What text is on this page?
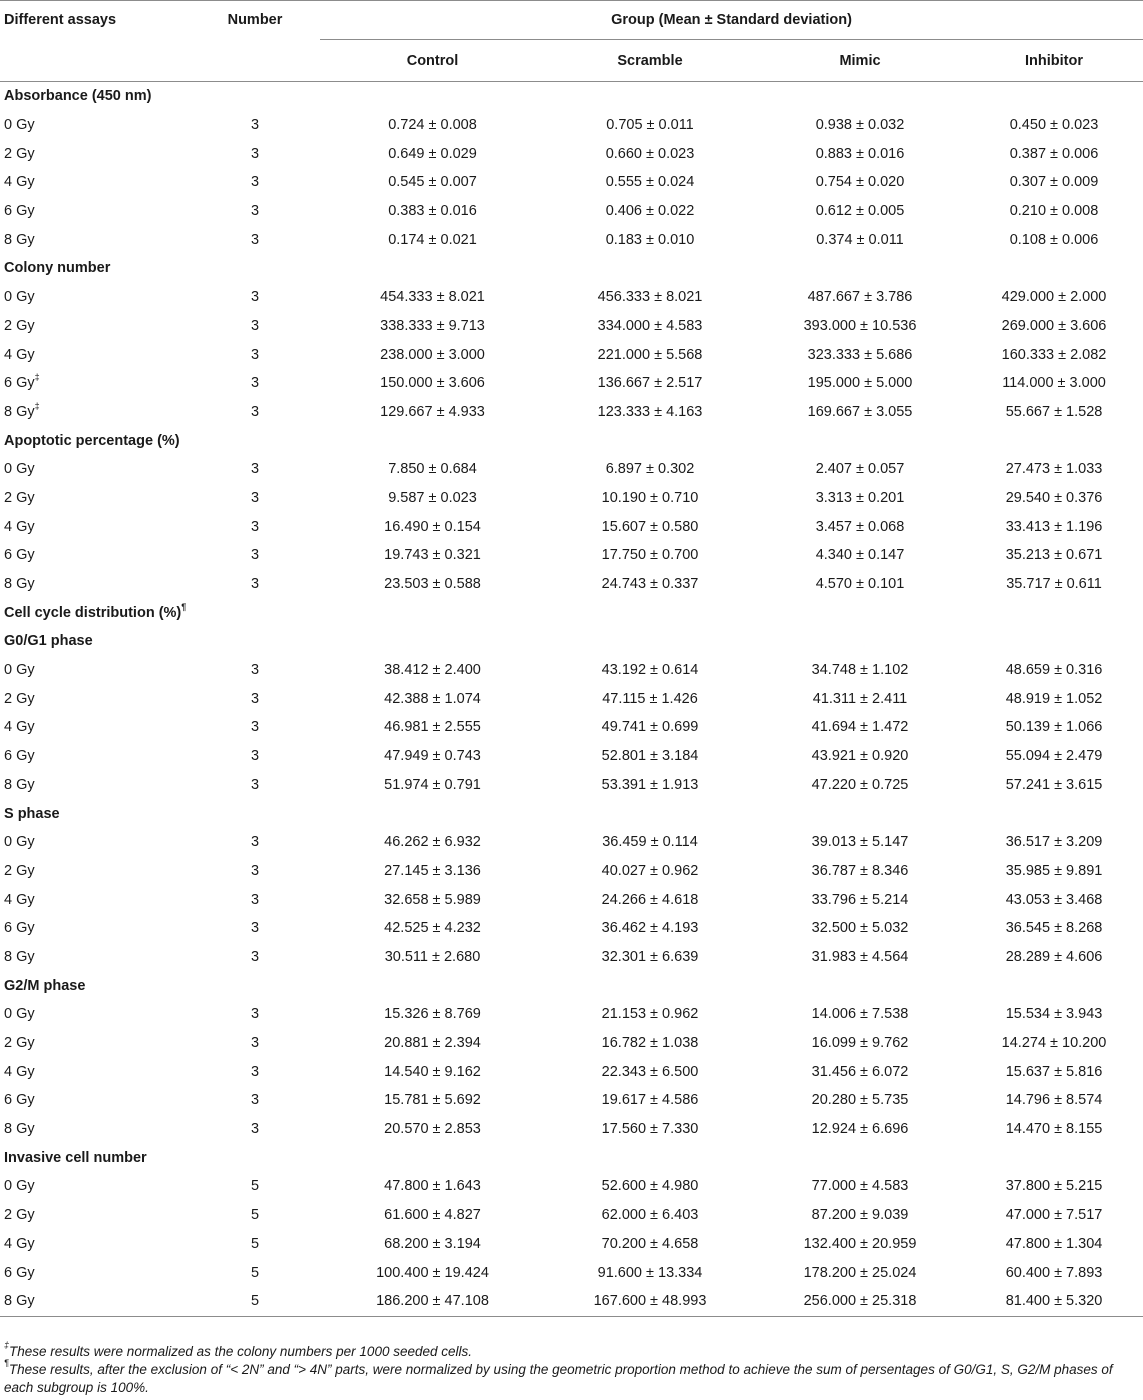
Different assays	Number	Group (Mean ± Standard deviation)			
		Control	Scramble	Mimic	Inhibitor
Absorbance (450 nm)					
0 Gy	3	0.724 ± 0.008	0.705 ± 0.011	0.938 ± 0.032	0.450 ± 0.023
2 Gy	3	0.649 ± 0.029	0.660 ± 0.023	0.883 ± 0.016	0.387 ± 0.006
4 Gy	3	0.545 ± 0.007	0.555 ± 0.024	0.754 ± 0.020	0.307 ± 0.009
6 Gy	3	0.383 ± 0.016	0.406 ± 0.022	0.612 ± 0.005	0.210 ± 0.008
8 Gy	3	0.174 ± 0.021	0.183 ± 0.010	0.374 ± 0.011	0.108 ± 0.006
Colony number					
0 Gy	3	454.333 ± 8.021	456.333 ± 8.021	487.667 ± 3.786	429.000 ± 2.000
2 Gy	3	338.333 ± 9.713	334.000 ± 4.583	393.000 ± 10.536	269.000 ± 3.606
4 Gy	3	238.000 ± 3.000	221.000 ± 5.568	323.333 ± 5.686	160.333 ± 2.082
6 Gy‡	3	150.000 ± 3.606	136.667 ± 2.517	195.000 ± 5.000	114.000 ± 3.000
8 Gy‡	3	129.667 ± 4.933	123.333 ± 4.163	169.667 ± 3.055	55.667 ± 1.528
Apoptotic percentage (%)					
0 Gy	3	7.850 ± 0.684	6.897 ± 0.302	2.407 ± 0.057	27.473 ± 1.033
2 Gy	3	9.587 ± 0.023	10.190 ± 0.710	3.313 ± 0.201	29.540 ± 0.376
4 Gy	3	16.490 ± 0.154	15.607 ± 0.580	3.457 ± 0.068	33.413 ± 1.196
6 Gy	3	19.743 ± 0.321	17.750 ± 0.700	4.340 ± 0.147	35.213 ± 0.671
8 Gy	3	23.503 ± 0.588	24.743 ± 0.337	4.570 ± 0.101	35.717 ± 0.611
Cell cycle distribution (%)¶
G0/G1 phase					
0 Gy	3	38.412 ± 2.400	43.192 ± 0.614	34.748 ± 1.102	48.659 ± 0.316
2 Gy	3	42.388 ± 1.074	47.115 ± 1.426	41.311 ± 2.411	48.919 ± 1.052
4 Gy	3	46.981 ± 2.555	49.741 ± 0.699	41.694 ± 1.472	50.139 ± 1.066
6 Gy	3	47.949 ± 0.743	52.801 ± 3.184	43.921 ± 0.920	55.094 ± 2.479
8 Gy	3	51.974 ± 0.791	53.391 ± 1.913	47.220 ± 0.725	57.241 ± 3.615
S phase					
0 Gy	3	46.262 ± 6.932	36.459 ± 0.114	39.013 ± 5.147	36.517 ± 3.209
2 Gy	3	27.145 ± 3.136	40.027 ± 0.962	36.787 ± 8.346	35.985 ± 9.891
4 Gy	3	32.658 ± 5.989	24.266 ± 4.618	33.796 ± 5.214	43.053 ± 3.468
6 Gy	3	42.525 ± 4.232	36.462 ± 4.193	32.500 ± 5.032	36.545 ± 8.268
8 Gy	3	30.511 ± 2.680	32.301 ± 6.639	31.983 ± 4.564	28.289 ± 4.606
G2/M phase					
0 Gy	3	15.326 ± 8.769	21.153 ± 0.962	14.006 ± 7.538	15.534 ± 3.943
2 Gy	3	20.881 ± 2.394	16.782 ± 1.038	16.099 ± 9.762	14.274 ± 10.200
4 Gy	3	14.540 ± 9.162	22.343 ± 6.500	31.456 ± 6.072	15.637 ± 5.816
6 Gy	3	15.781 ± 5.692	19.617 ± 4.586	20.280 ± 5.735	14.796 ± 8.574
8 Gy	3	20.570 ± 2.853	17.560 ± 7.330	12.924 ± 6.696	14.470 ± 8.155
Invasive cell number					
0 Gy	5	47.800 ± 1.643	52.600 ± 4.980	77.000 ± 4.583	37.800 ± 5.215
2 Gy	5	61.600 ± 4.827	62.000 ± 6.403	87.200 ± 9.039	47.000 ± 7.517
4 Gy	5	68.200 ± 3.194	70.200 ± 4.658	132.400 ± 20.959	47.800 ± 1.304
6 Gy	5	100.400 ± 19.424	91.600 ± 13.334	178.200 ± 25.024	60.400 ± 7.893
8 Gy	5	186.200 ± 47.108	167.600 ± 48.993	256.000 ± 25.318	81.400 ± 5.320

‡These results were normalized as the colony numbers per 1000 seeded cells.

¶These results, after the exclusion of “< 2N” and “> 4N” parts, were normalized by using the geometric proportion method to achieve the sum of persentages of G0/G1, S, G2/M phases of each subgroup is 100%.
